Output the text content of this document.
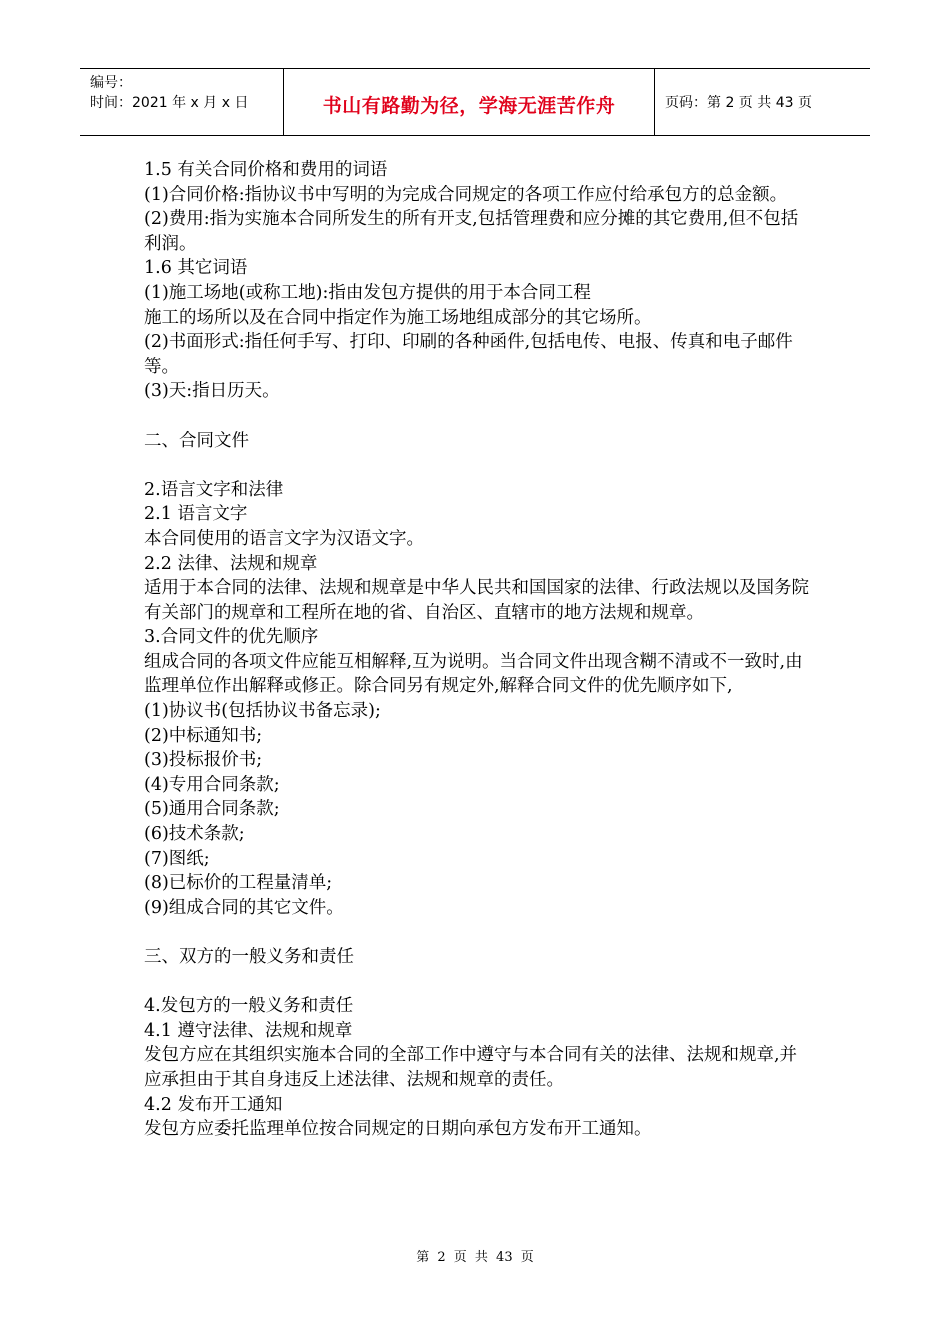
编号：
时间：2021 年 x 月 x 日	书山有路勤为径，学海无涯苦作舟	页码：第 2 页 共 43 页

1.5 有关合同价格和费用的词语

(1)合同价格:指协议书中写明的为完成合同规定的各项工作应付给承包方的总金额。

(2)费用:指为实施本合同所发生的所有开支,包括管理费和应分摊的其它费用,但不包括利润。

1.6 其它词语

(1)施工场地(或称工地):指由发包方提供的用于本合同工程

施工的场所以及在合同中指定作为施工场地组成部分的其它场所。

(2)书面形式:指任何手写、打印、印刷的各种函件,包括电传、电报、传真和电子邮件等。

(3)天:指日历天。

二、合同文件

2.语言文字和法律

2.1 语言文字

本合同使用的语言文字为汉语文字。

2.2 法律、法规和规章

适用于本合同的法律、法规和规章是中华人民共和国国家的法律、行政法规以及国务院有关部门的规章和工程所在地的省、自治区、直辖市的地方法规和规章。

3.合同文件的优先顺序

组成合同的各项文件应能互相解释,互为说明。当合同文件出现含糊不清或不一致时,由监理单位作出解释或修正。除合同另有规定外,解释合同文件的优先顺序如下,

(1)协议书(包括协议书备忘录);

(2)中标通知书;

(3)投标报价书;

(4)专用合同条款;

(5)通用合同条款;

(6)技术条款;

(7)图纸;

(8)已标价的工程量清单;

(9)组成合同的其它文件。

三、双方的一般义务和责任

4.发包方的一般义务和责任

4.1 遵守法律、法规和规章

发包方应在其组织实施本合同的全部工作中遵守与本合同有关的法律、法规和规章,并应承担由于其自身违反上述法律、法规和规章的责任。

4.2 发布开工通知

发包方应委托监理单位按合同规定的日期向承包方发布开工通知。

第 2 页 共 43 页
